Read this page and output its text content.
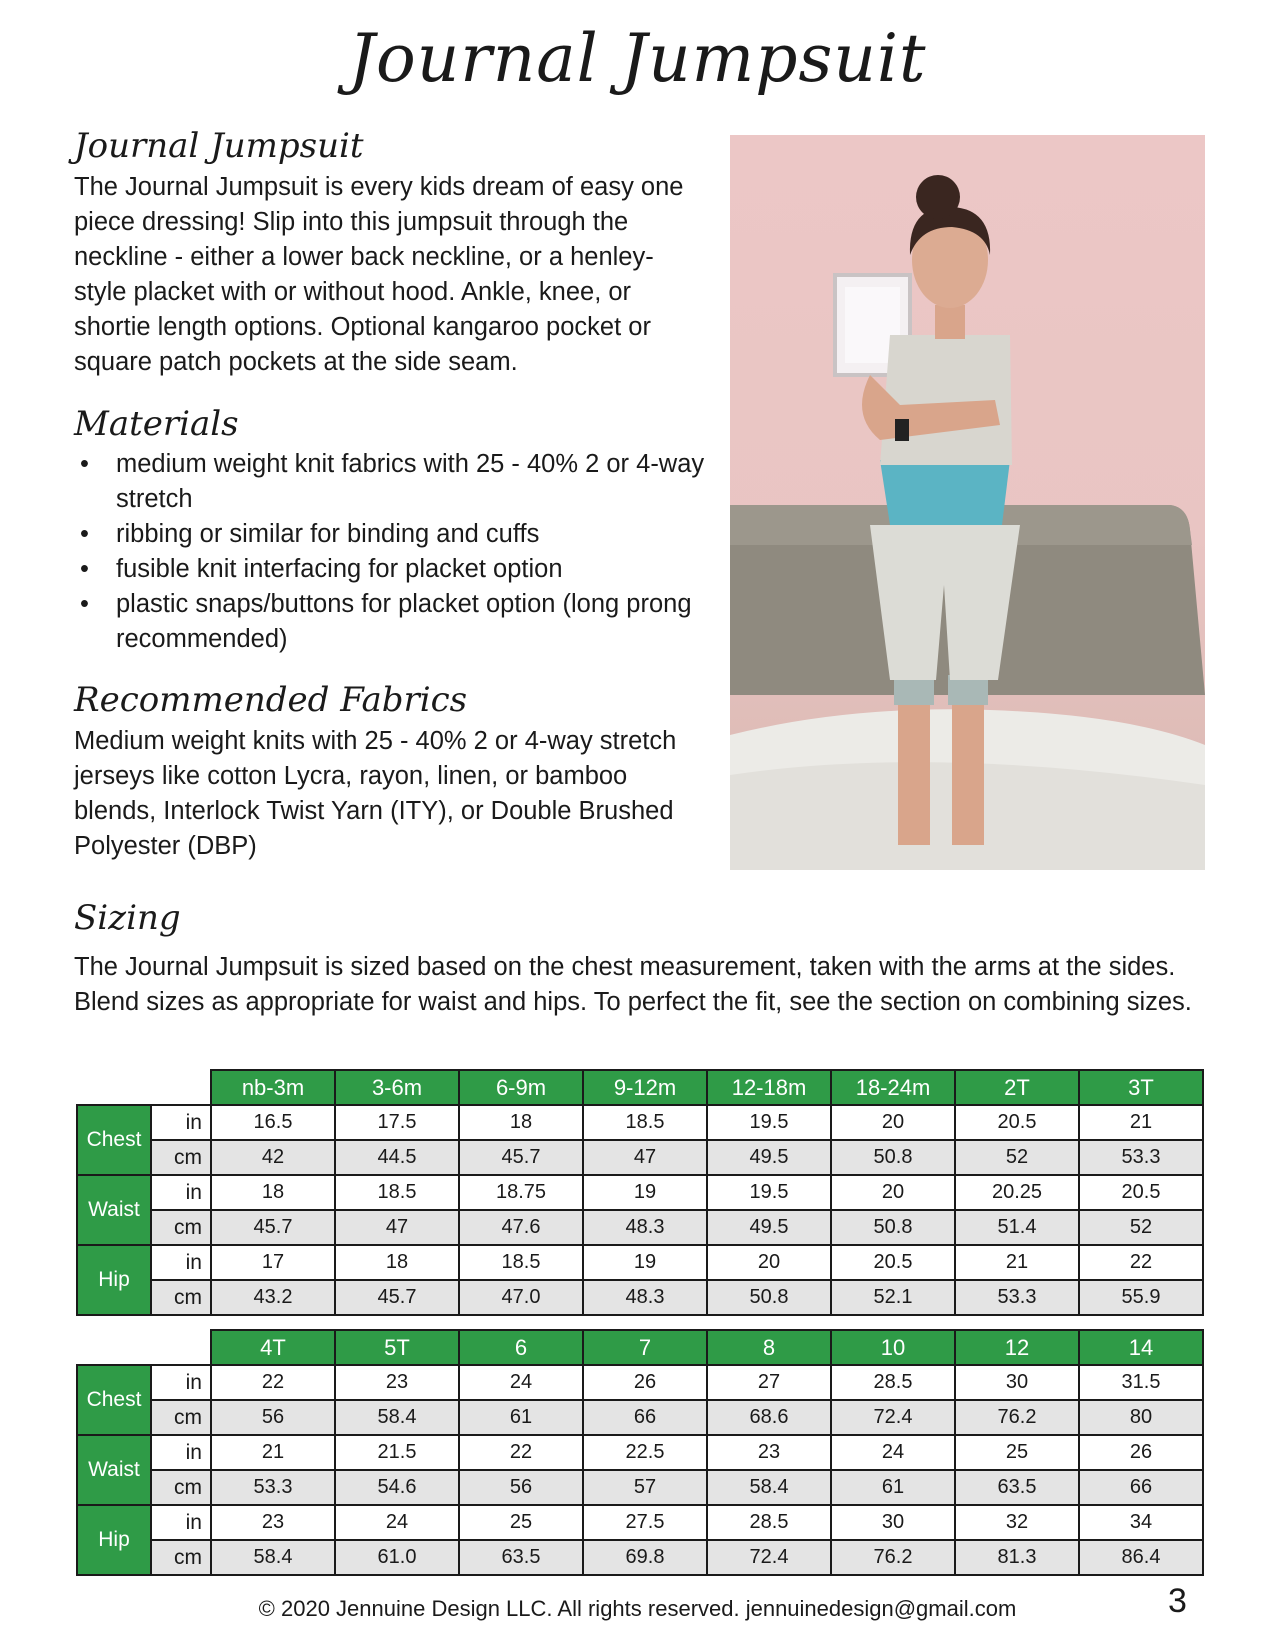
Journal Jumpsuit
Journal Jumpsuit

The Journal Jumpsuit is every kids dream of easy one piece dressing! Slip into this jumpsuit through the neckline - either a lower back neckline, or a henley-style placket with or without hood. Ankle, knee, or shortie length options. Optional kangaroo pocket or square patch pockets at the side seam.

Materials
• medium weight knit fabrics with 25 - 40% 2 or 4-way stretch
• ribbing or similar for binding and cuffs
• fusible knit interfacing for placket option
• plastic snaps/buttons for placket option (long prong recommended)
Recommended Fabrics

Medium weight knits with 25 - 40% 2 or 4-way stretch jerseys like cotton Lycra, rayon, linen, or bamboo blends, Interlock Twist Yarn (ITY), or Double Brushed Polyester (DBP)

Sizing

The Journal Jumpsuit is sized based on the chest measurement, taken with the arms at the sides. Blend sizes as appropriate for waist and hips. To perfect the fit, see the section on combining sizes.

		nb-3m	3-6m	6-9m	9-12m	12-18m	18-24m	2T	3T
Chest	in	16.5	17.5	18	18.5	19.5	20	20.5	21
	cm	42	44.5	45.7	47	49.5	50.8	52	53.3
Waist	in	18	18.5	18.75	19	19.5	20	20.25	20.5
	cm	45.7	47	47.6	48.3	49.5	50.8	51.4	52
Hip	in	17	18	18.5	19	20	20.5	21	22
	cm	43.2	45.7	47.0	48.3	50.8	52.1	53.3	55.9
		4T	5T	6	7	8	10	12	14
Chest	in	22	23	24	26	27	28.5	30	31.5
	cm	56	58.4	61	66	68.6	72.4	76.2	80
Waist	in	21	21.5	22	22.5	23	24	25	26
	cm	53.3	54.6	56	57	58.4	61	63.5	66
Hip	in	23	24	25	27.5	28.5	30	32	34
	cm	58.4	61.0	63.5	69.8	72.4	76.2	81.3	86.4
© 2020 Jennuine Design LLC. All rights reserved. jennuinedesign@gmail.com	3
